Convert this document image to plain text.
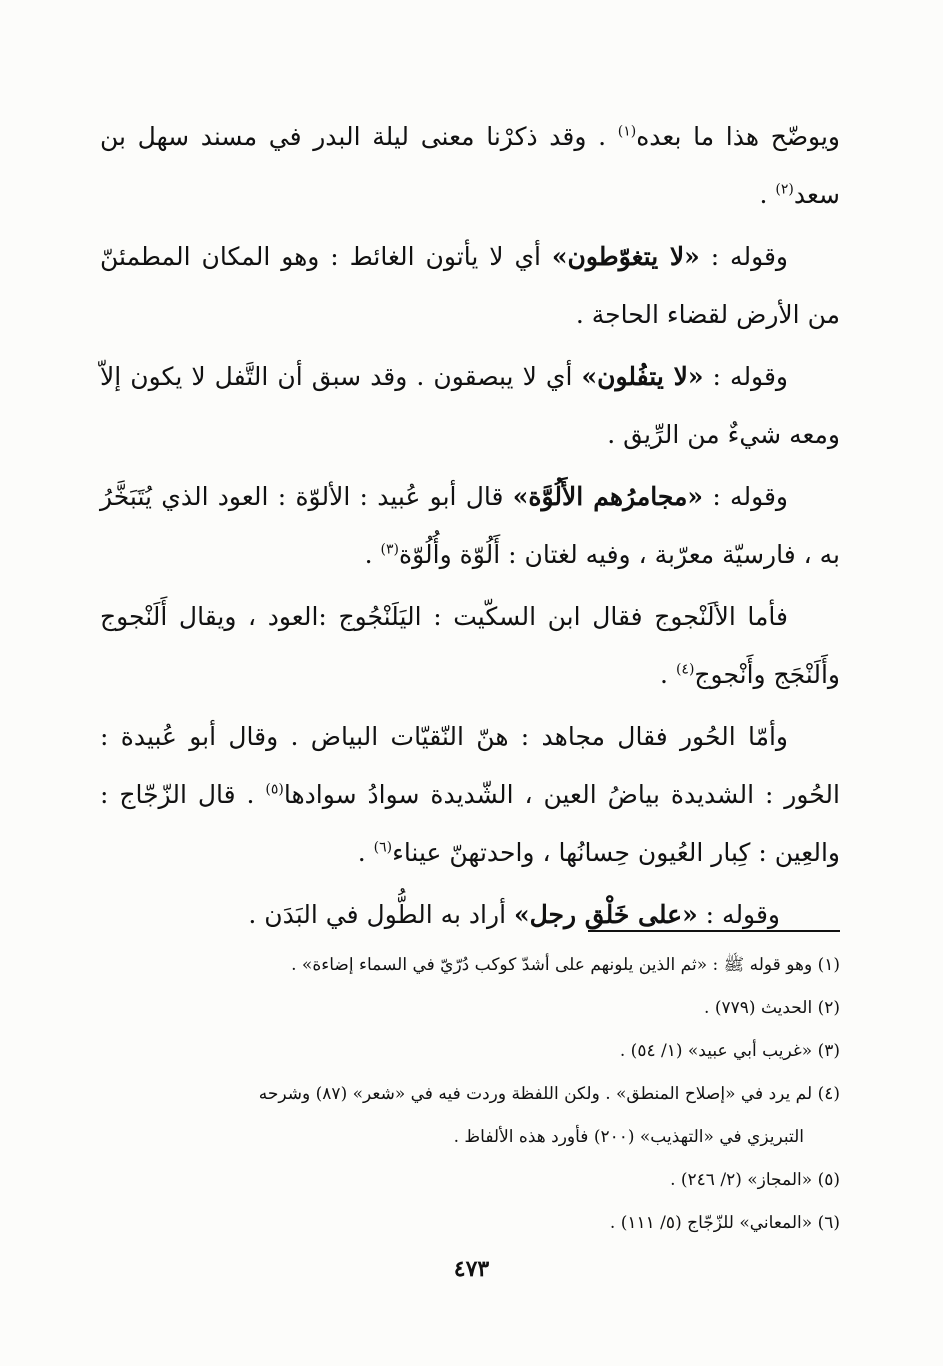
ويوضّح هذا ما بعده$^{(١)}$ . وقد ذكرْنا معنى ليلة البدر في مسند سهل بن سعد$^{(٢)}$ .

وقوله : «لا يتغوّطون» أي لا يأتون الغائط : وهو المكان المطمئنّ من الأرض لقضاء الحاجة .

وقوله : «لا يتفُلون» أي لا يبصقون . وقد سبق أن التَّفل لا يكون إلاّ ومعه شيءٌ من الرِّيق .

وقوله : «مجامرُهم الأَلُوَّة» قال أبو عُبيد : الألوّة : العود الذي يُتَبَخَّرُ به ، فارسيّة معرّبة ، وفيه لغتان : أَلُوّة وأُلُوّة$^{(٣)}$ .

فأما الألَنْجوج فقال ابن السكّيت : اليَلَنْجُوج :العود ، ويقال أَلَنْجوج وأَلَنْجَج وأَنْجوج$^{(٤)}$ .

وأمّا الحُور فقال مجاهد : هنّ النّقيّات البياض . وقال أبو عُبيدة : الحُور : الشديدة بياضُ العين ، الشّديدة سوادُ سوادها$^{(٥)}$ . قال الزّجّاج : والعِين : كِبار العُيون حِسانُها ، واحدتهنّ عيناء$^{(٦)}$ .

وقوله : «على خَلْق رجل» أراد به الطُّول في البَدَن .

(١) وهو قوله ﷺ : «ثم الذين يلونهم على أشدّ كوكب دُرّيّ في السماء إضاءة» .

(٢) الحديث (٧٧٩) .

(٣) «غريب أبي عبيد» (١/ ٥٤) .

(٤) لم يرد في «إصلاح المنطق» . ولكن اللفظة وردت فيه في «شعر» (٨٧) وشرحه
التبريزي في «التهذيب» (٢٠٠) فأورد هذه الألفاظ .

(٥) «المجاز» (٢/ ٢٤٦) .

(٦) «المعاني» للزّجّاج (٥/ ١١١) .

٤٧٣
